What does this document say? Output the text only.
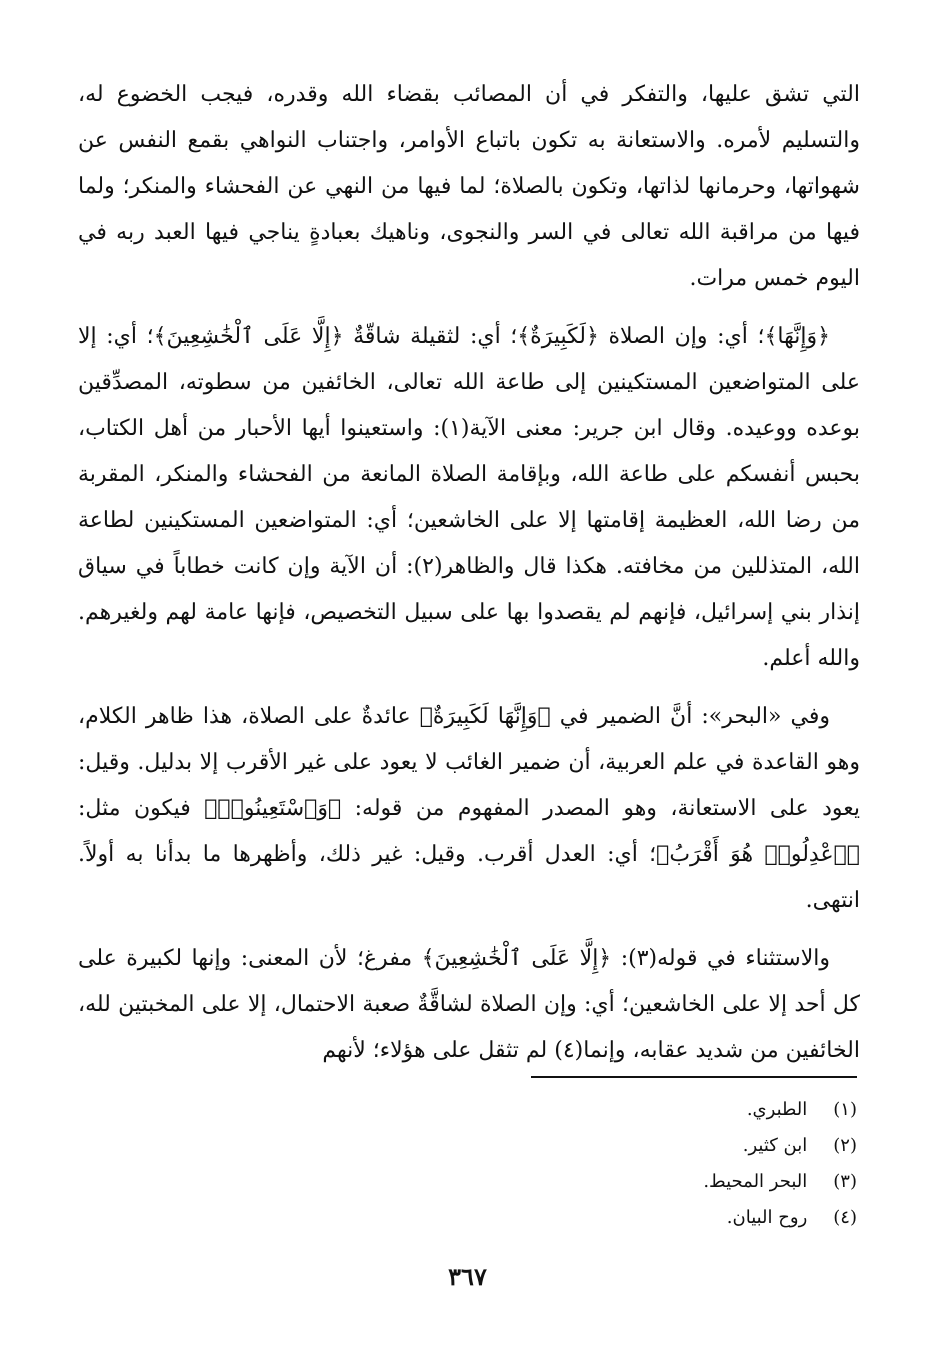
التي تشق عليها، والتفكر في أن المصائب بقضاء الله وقدره، فيجب الخضوع له، والتسليم لأمره. والاستعانة به تكون باتباع الأوامر، واجتناب النواهي بقمع النفس عن شهواتها، وحرمانها لذاتها، وتكون بالصلاة؛ لما فيها من النهي عن الفحشاء والمنكر؛ ولما فيها من مراقبة الله تعالى في السر والنجوى، وناهيك بعبادةٍ يناجي فيها العبد ربه في اليوم خمس مرات.

﴿وَإِنَّهَا﴾؛ أي: وإن الصلاة ﴿لَكَبِيرَةٌ﴾؛ أي: لثقيلة شاقّةٌ ﴿إِلَّا عَلَى ٱلْخَٰشِعِينَ﴾؛ أي: إلا على المتواضعين المستكينين إلى طاعة الله تعالى، الخائفين من سطوته، المصدِّقين بوعده ووعيده. وقال ابن جرير: معنى الآية(١): واستعينوا أيها الأحبار من أهل الكتاب، بحبس أنفسكم على طاعة الله، وبإقامة الصلاة المانعة من الفحشاء والمنكر، المقربة من رضا الله، العظيمة إقامتها إلا على الخاشعين؛ أي: المتواضعين المستكينين لطاعة الله، المتذللين من مخافته. هكذا قال والظاهر(٢): أن الآية وإن كانت خطاباً في سياق إنذار بني إسرائيل، فإنهم لم يقصدوا بها على سبيل التخصيص، فإنها عامة لهم ولغيرهم. والله أعلم.

وفي «البحر»: أنَّ الضمير في ﴿وَإِنَّهَا لَكَبِيرَةٌ﴾ عائدةٌ على الصلاة، هذا ظاهر الكلام، وهو القاعدة في علم العربية، أن ضمير الغائب لا يعود على غير الأقرب إلا بدليل. وقيل: يعود على الاستعانة، وهو المصدر المفهوم من قوله: ﴿وَٱسْتَعِينُوا۟﴾ فيكون مثل: ﴿ٱعْدِلُوا۟ هُوَ أَقْرَبُ﴾؛ أي: العدل أقرب. وقيل: غير ذلك، وأظهرها ما بدأنا به أولاً. انتهى.

والاستثناء في قوله(٣): ﴿إِلَّا عَلَى ٱلْخَٰشِعِينَ﴾ مفرغ؛ لأن المعنى: وإنها لكبيرة على كل أحد إلا على الخاشعين؛ أي: وإن الصلاة لشاقَّةٌ صعبة الاحتمال، إلا على المخبتين لله، الخائفين من شديد عقابه، وإنما(٤) لم تثقل على هؤلاء؛ لأنهم

(١) الطبري.
(٢) ابن كثير.
(٣) البحر المحيط.
(٤) روح البيان.
٣٦٧
